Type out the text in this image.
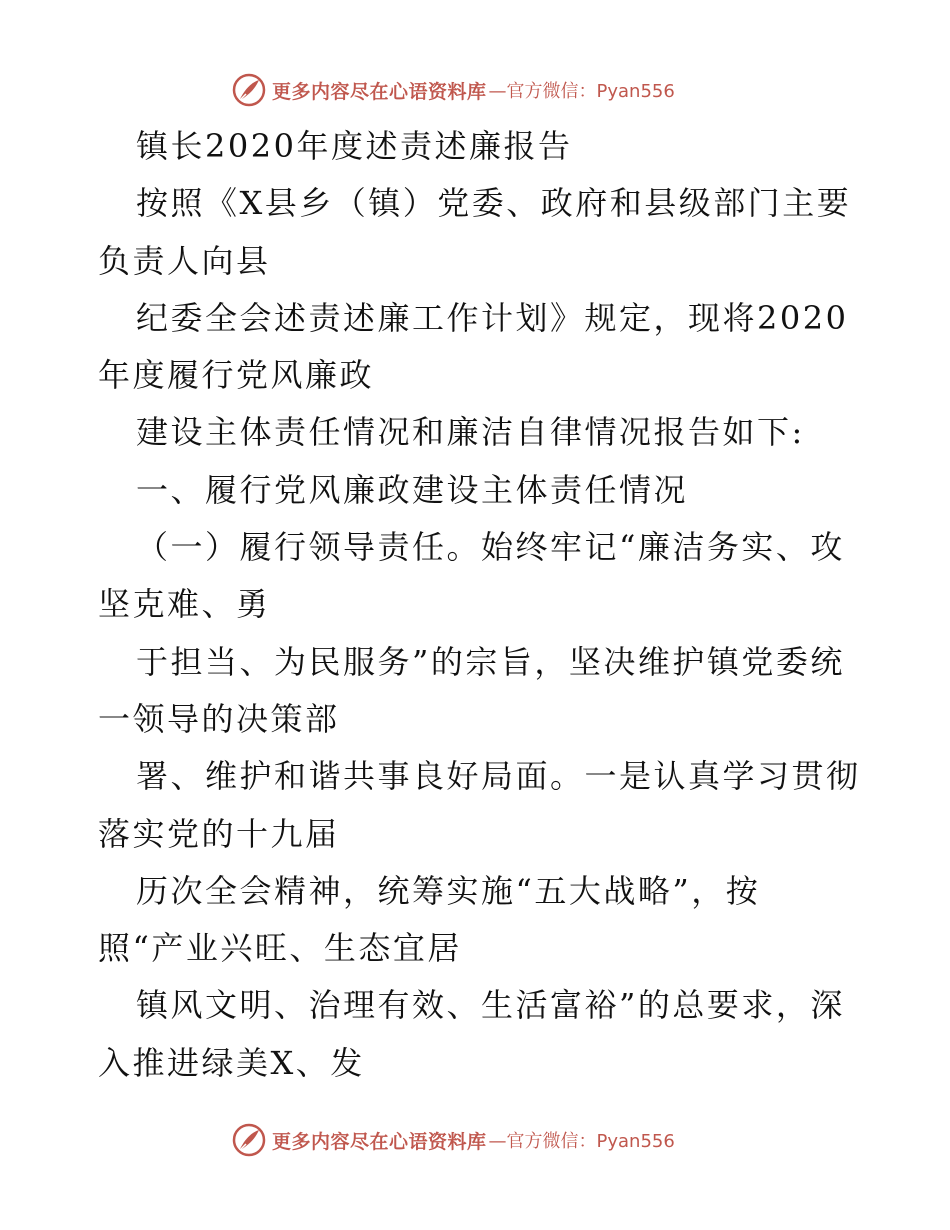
更多内容尽在心语资料库 —官方微信：Pyan556
镇长2020年度述责述廉报告
按照《X县乡（镇）党委、政府和县级部门主要
负责人向县
纪委全会述责述廉工作计划》规定，现将2020
年度履行党风廉政
建设主体责任情况和廉洁自律情况报告如下:
一、履行党风廉政建设主体责任情况
（一）履行领导责任。始终牢记“廉洁务实、攻
坚克难、勇
于担当、为民服务”的宗旨，坚决维护镇党委统
一领导的决策部
署、维护和谐共事良好局面。一是认真学习贯彻
落实党的十九届
历次全会精神，统筹实施“五大战略”，按
照“产业兴旺、生态宜居
镇风文明、治理有效、生活富裕”的总要求，深
入推进绿美X、发
更多内容尽在心语资料库 —官方微信：Pyan556
